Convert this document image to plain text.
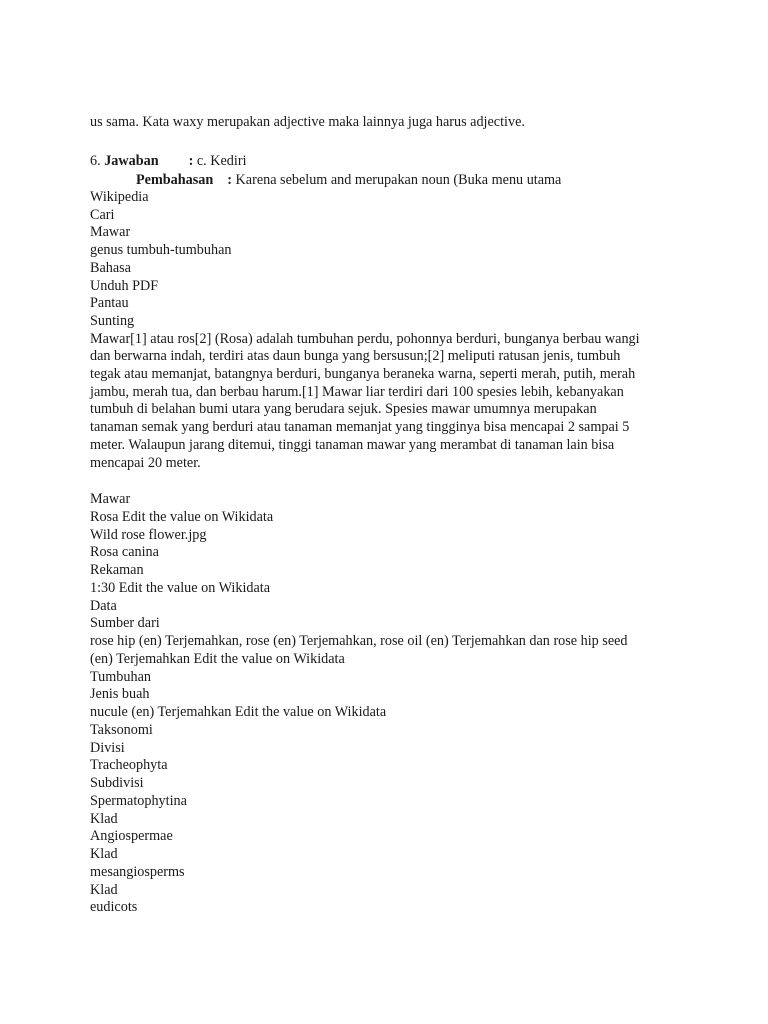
us sama. Kata waxy merupakan adjective maka lainnya juga harus adjective.
6. Jawaban : c. Kediri
Pembahasan : Karena sebelum and merupakan noun (Buka menu utama
Wikipedia
Cari
Mawar
genus tumbuh-tumbuhan
Bahasa
Unduh PDF
Pantau
Sunting
Mawar[1] atau ros[2] (Rosa) adalah tumbuhan perdu, pohonnya berduri, bunganya berbau wangi
dan berwarna indah, terdiri atas daun bunga yang bersusun;[2] meliputi ratusan jenis, tumbuh
tegak atau memanjat, batangnya berduri, bunganya beraneka warna, seperti merah, putih, merah
jambu, merah tua, dan berbau harum.[1] Mawar liar terdiri dari 100 spesies lebih, kebanyakan
tumbuh di belahan bumi utara yang berudara sejuk. Spesies mawar umumnya merupakan
tanaman semak yang berduri atau tanaman memanjat yang tingginya bisa mencapai 2 sampai 5
meter. Walaupun jarang ditemui, tinggi tanaman mawar yang merambat di tanaman lain bisa
mencapai 20 meter.
Mawar
Rosa Edit the value on Wikidata
Wild rose flower.jpg
Rosa canina
Rekaman
1:30 Edit the value on Wikidata
Data
Sumber dari
rose hip (en) Terjemahkan, rose (en) Terjemahkan, rose oil (en) Terjemahkan dan rose hip seed
(en) Terjemahkan Edit the value on Wikidata
Tumbuhan
Jenis buah
nucule (en) Terjemahkan Edit the value on Wikidata
Taksonomi
Divisi
Tracheophyta
Subdivisi
Spermatophytina
Klad
Angiospermae
Klad
mesangiosperms
Klad
eudicots
